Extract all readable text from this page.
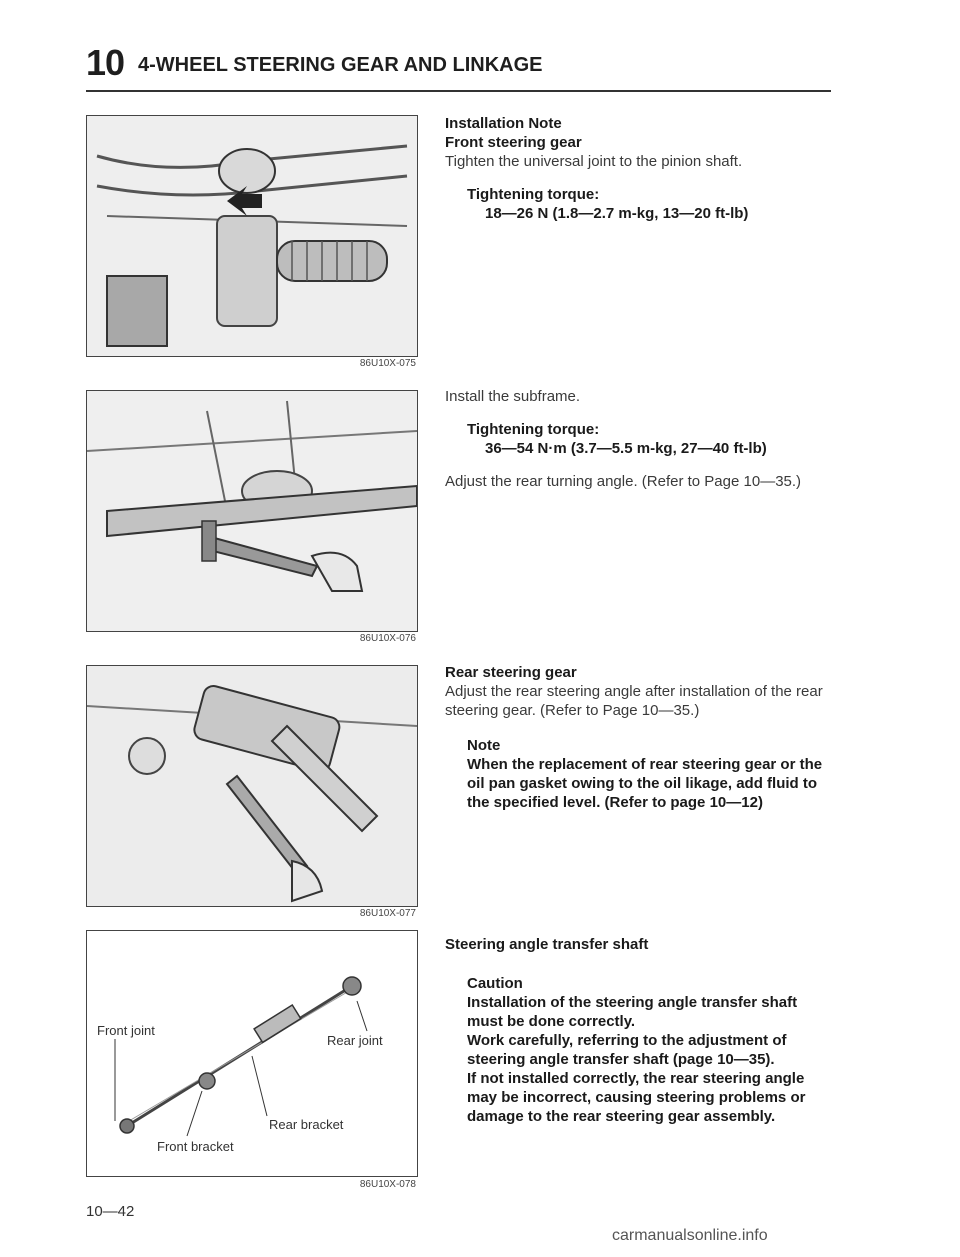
10 4-WHEEL STEERING GEAR AND LINKAGE
86U10X-075
86U10X-076
86U10X-077
Front joint
Rear joint
Rear bracket
Front bracket
86U10X-078
Installation Note
Front steering gear
Tighten the universal joint to the pinion shaft.
Tightening torque:
18—26 N (1.8—2.7 m-kg, 13—20 ft-lb)
Install the subframe.
Tightening torque:
36—54 N·m (3.7—5.5 m-kg, 27—40 ft-lb)
Adjust the rear turning angle. (Refer to Page 10—35.)
Rear steering gear
Adjust the rear steering angle after installation of the rear steering gear. (Refer to Page 10—35.)
Note
When the replacement of rear steering gear or the oil pan gasket owing to the oil likage, add fluid to the specified level. (Refer to page 10—12)
Steering angle transfer shaft
Caution
Installation of the steering angle transfer shaft must be done correctly.
Work carefully, referring to the adjustment of steering angle transfer shaft (page 10—35).
If not installed correctly, the rear steering angle may be incorrect, causing steering problems or damage to the rear steering gear assembly.
10—42
carmanualsonline.info
